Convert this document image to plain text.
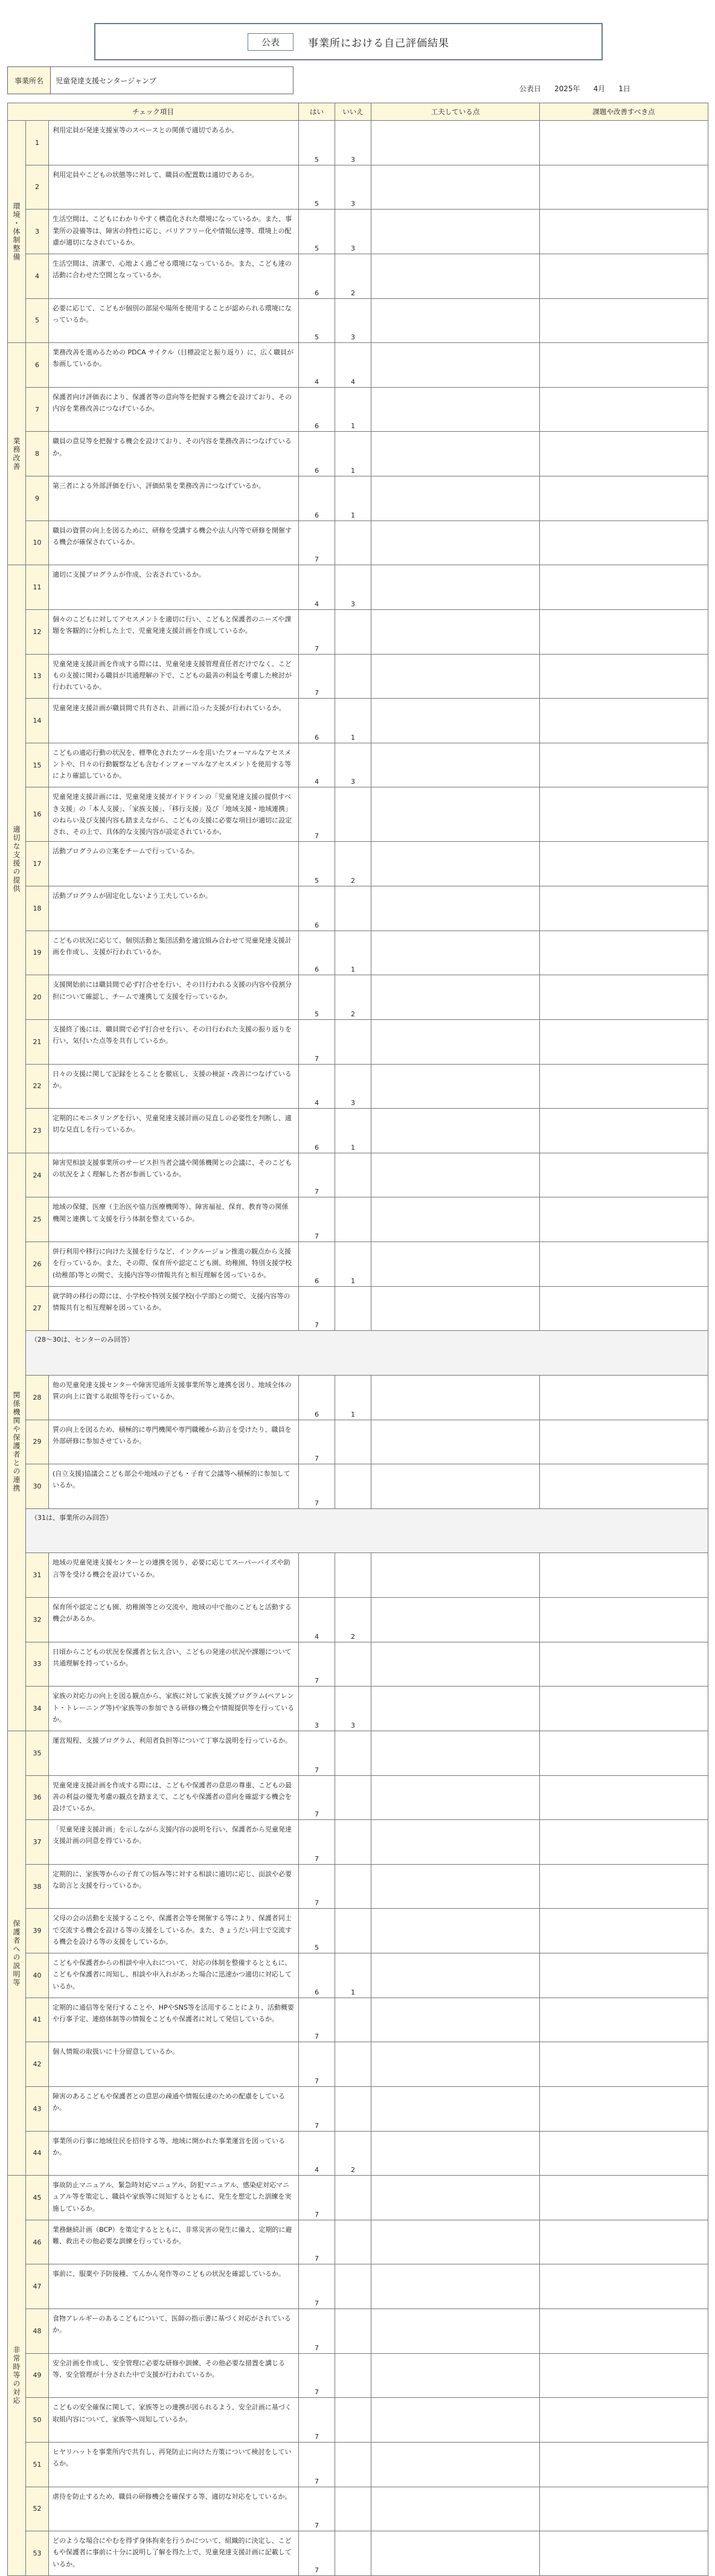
公表	事業所における自己評価結果
事業所名	児童発達支援センタージャンプ
公表日 2025年 4月 1日
チェック項目			はい	いいえ	工夫している点	課題や改善すべき点
環境・体制整備	1	利用定員が発達支援室等のスペースとの関係で適切であるか。	5	3		
	2	利用定員やこどもの状態等に対して、職員の配置数は適切であるか。	5	3		
	3	生活空間は、こどもにわかりやすく構造化された環境になっているか。また、事業所の設備等は、障害の特性に応じ、バリアフリー化や情報伝達等、環境上の配慮が適切になされているか。	5	3		
	4	生活空間は、清潔で、心地よく過ごせる環境になっているか。また、こども達の活動に合わせた空間となっているか。	6	2		
	5	必要に応じて、こどもが個別の部屋や場所を使用することが認められる環境になっているか。	5	3		
業務改善	6	業務改善を進めるための PDCA サイクル（目標設定と振り返り）に、広く職員が参画しているか。	4	4		
	7	保護者向け評価表により、保護者等の意向等を把握する機会を設けており、その内容を業務改善につなげているか。	6	1		
	8	職員の意見等を把握する機会を設けており、その内容を業務改善につなげているか。	6	1		
	9	第三者による外部評価を行い、評価結果を業務改善につなげているか。	6	1		
	10	職員の資質の向上を図るために、研修を受講する機会や法人内等で研修を開催する機会が確保されているか。	7			
適切な支援の提供	11	適切に支援プログラムが作成、公表されているか。	4	3		
	12	個々のこどもに対してアセスメントを適切に行い、こどもと保護者のニーズや課題を客観的に分析した上で、児童発達支援計画を作成しているか。	7			
	13	児童発達支援計画を作成する際には、児童発達支援管理責任者だけでなく、こどもの支援に関わる職員が共通理解の下で、こどもの最善の利益を考慮した検討が行われているか。	7			
	14	児童発達支援計画が職員間で共有され、計画に沿った支援が行われているか。	6	1		
	15	こどもの適応行動の状況を、標準化されたツールを用いたフォーマルなアセスメントや、日々の行動観察なども含むインフォーマルなアセスメントを使用する等により確認しているか。	4	3		
	16	児童発達支援計画には、児童発達支援ガイドラインの「児童発達支援の提供すべき支援」の「本人支援」、「家族支援」、「移行支援」及び「地域支援・地域連携」のねらい及び支援内容も踏まえながら、こどもの支援に必要な項目が適切に設定され、その上で、具体的な支援内容が設定されているか。	7			
	17	活動プログラムの立案をチームで行っているか。	5	2		
	18	活動プログラムが固定化しないよう工夫しているか。	6			
	19	こどもの状況に応じて、個別活動と集団活動を適宜組み合わせて児童発達支援計画を作成し、支援が行われているか。	6	1		
	20	支援開始前には職員間で必ず打合せを行い、その日行われる支援の内容や役割分担について確認し、チームで連携して支援を行っているか。	5	2		
	21	支援終了後には、職員間で必ず打合せを行い、その日行われた支援の振り返りを行い、気付いた点等を共有しているか。	7			
	22	日々の支援に関して記録をとることを徹底し、支援の検証・改善につなげているか。	4	3		
	23	定期的にモニタリングを行い、児童発達支援計画の見直しの必要性を判断し、適切な見直しを行っているか。	6	1		
関係機関や保護者との連携	24	障害児相談支援事業所のサービス担当者会議や関係機関との会議に、そのこどもの状況をよく理解した者が参画しているか。	7			
	25	地域の保健、医療（主治医や協力医療機関等）、障害福祉、保育、教育等の関係機関と連携して支援を行う体制を整えているか。	7			
	26	併行利用や移行に向けた支援を行うなど、インクルージョン推進の観点から支援を行っているか。また、その際、保育所や認定こども園、幼稚園、特別支援学校(幼稚部)等との間で、支援内容等の情報共有と相互理解を図っているか。	6	1		
	27	就学時の移行の際には、小学校や特別支援学校(小学部)との間で、支援内容等の情報共有と相互理解を図っているか。	7			
	（28〜30は、センターのみ回答）					
	28	他の児童発達支援センターや障害児通所支援事業所等と連携を図り、地域全体の質の向上に資する取組等を行っているか。	6	1		
	29	質の向上を図るため、積極的に専門機関や専門職種から助言を受けたり、職員を外部研修に参加させているか。	7			
	30	(自立支援)協議会こども部会や地域の子ども・子育て会議等へ積極的に参加しているか。	7			
	（31は、事業所のみ回答）					
	31	地域の児童発達支援センターとの連携を図り、必要に応じてスーパーバイズや助言等を受ける機会を設けているか。				
	32	保育所や認定こども園、幼稚園等との交流や、地域の中で他のこどもと活動する機会があるか。	4	2		
	33	日頃からこどもの状況を保護者と伝え合い、こどもの発達の状況や課題について共通理解を持っているか。	7			
	34	家族の対応力の向上を図る観点から、家族に対して家族支援プログラム(ペアレント・トレーニング等)や家族等の参加できる研修の機会や情報提供等を行っているか。	3	3		
保護者への説明等	35	運営規程、支援プログラム、利用者負担等について丁寧な説明を行っているか。	7			
	36	児童発達支援計画を作成する際には、こどもや保護者の意思の尊重、こどもの最善の利益の優先考慮の観点を踏まえて、こどもや保護者の意向を確認する機会を設けているか。	7			
	37	「児童発達支援計画」を示しながら支援内容の説明を行い、保護者から児童発達支援計画の同意を得ているか。	7			
	38	定期的に、家族等からの子育ての悩み等に対する相談に適切に応じ、面談や必要な助言と支援を行っているか。	7			
	39	父母の会の活動を支援することや、保護者会等を開催する等により、保護者同士で交流する機会を設ける等の支援をしているか。また、きょうだい同士で交流する機会を設ける等の支援をしているか。	5			
	40	こどもや保護者からの相談や申入れについて、対応の体制を整備するとともに、こどもや保護者に周知し、相談や申入れがあった場合に迅速かつ適切に対応しているか。	6	1		
	41	定期的に通信等を発行することや、HPやSNS等を活用することにより、活動概要や行事予定、連絡体制等の情報をこどもや保護者に対して発信しているか。	7			
	42	個人情報の取扱いに十分留意しているか。	7			
	43	障害のあるこどもや保護者との意思の疎通や情報伝達のための配慮をしているか。	7			
	44	事業所の行事に地域住民を招待する等、地域に開かれた事業運営を図っているか。	4	2		
非常時等の対応	45	事故防止マニュアル、緊急時対応マニュアル、防犯マニュアル、感染症対応マニュアル等を策定し、職員や家族等に周知するとともに、発生を想定した訓練を実施しているか。	7			
	46	業務継続計画（BCP）を策定するとともに、非常災害の発生に備え、定期的に避難、救出その他必要な訓練を行っているか。	7			
	47	事前に、服薬や予防接種、てんかん発作等のこどもの状況を確認しているか。	7			
	48	食物アレルギーのあるこどもについて、医師の指示書に基づく対応がされているか。	7			
	49	安全計画を作成し、安全管理に必要な研修や訓練、その他必要な措置を講じる等、安全管理が十分された中で支援が行われているか。	7			
	50	こどもの安全確保に関して、家族等との連携が図られるよう、安全計画に基づく取組内容について、家族等へ周知しているか。	7			
	51	ヒヤリハットを事業所内で共有し、再発防止に向けた方策について検討をしているか。	7			
	52	虐待を防止するため、職員の研修機会を確保する等、適切な対応をしているか。	7			
	53	どのような場合にやむを得ず身体拘束を行うかについて、組織的に決定し、こどもや保護者に事前に十分に説明し了解を得た上で、児童発達支援計画に記載しているか。	7			
